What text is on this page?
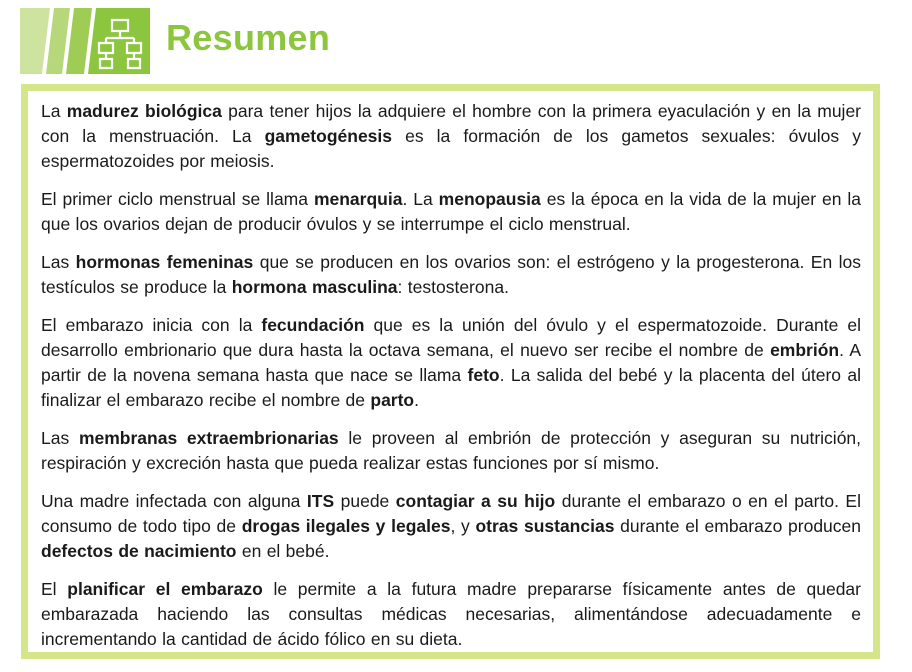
Resumen

La madurez biológica para tener hijos la adquiere el hombre con la primera eyaculación y en la mujer con la menstruación. La gametogénesis es la formación de los gametos sexuales: óvulos y espermatozoides por meiosis.

El primer ciclo menstrual se llama menarquia. La menopausia es la época en la vida de la mujer en la que los ovarios dejan de producir óvulos y se interrumpe el ciclo menstrual.

Las hormonas femeninas que se producen en los ovarios son: el estrógeno y la progesterona. En los testículos se produce la hormona masculina: testosterona.

El embarazo inicia con la fecundación que es la unión del óvulo y el espermatozoide. Durante el desarrollo embrionario que dura hasta la octava semana, el nuevo ser recibe el nombre de embrión. A partir de la novena semana hasta que nace se llama feto. La salida del bebé y la placenta del útero al finalizar el embarazo recibe el nombre de parto.

Las membranas extraembrionarias le proveen al embrión de protección y aseguran su nutrición, respiración y excreción hasta que pueda realizar estas funciones por sí mismo.

Una madre infectada con alguna ITS puede contagiar a su hijo durante el embarazo o en el parto. El consumo de todo tipo de drogas ilegales y legales, y otras sustancias durante el embarazo producen defectos de nacimiento en el bebé.

El planificar el embarazo le permite a la futura madre prepararse físicamente antes de quedar embarazada haciendo las consultas médicas necesarias, alimentándose adecuadamente e incrementando la cantidad de ácido fólico en su dieta.
